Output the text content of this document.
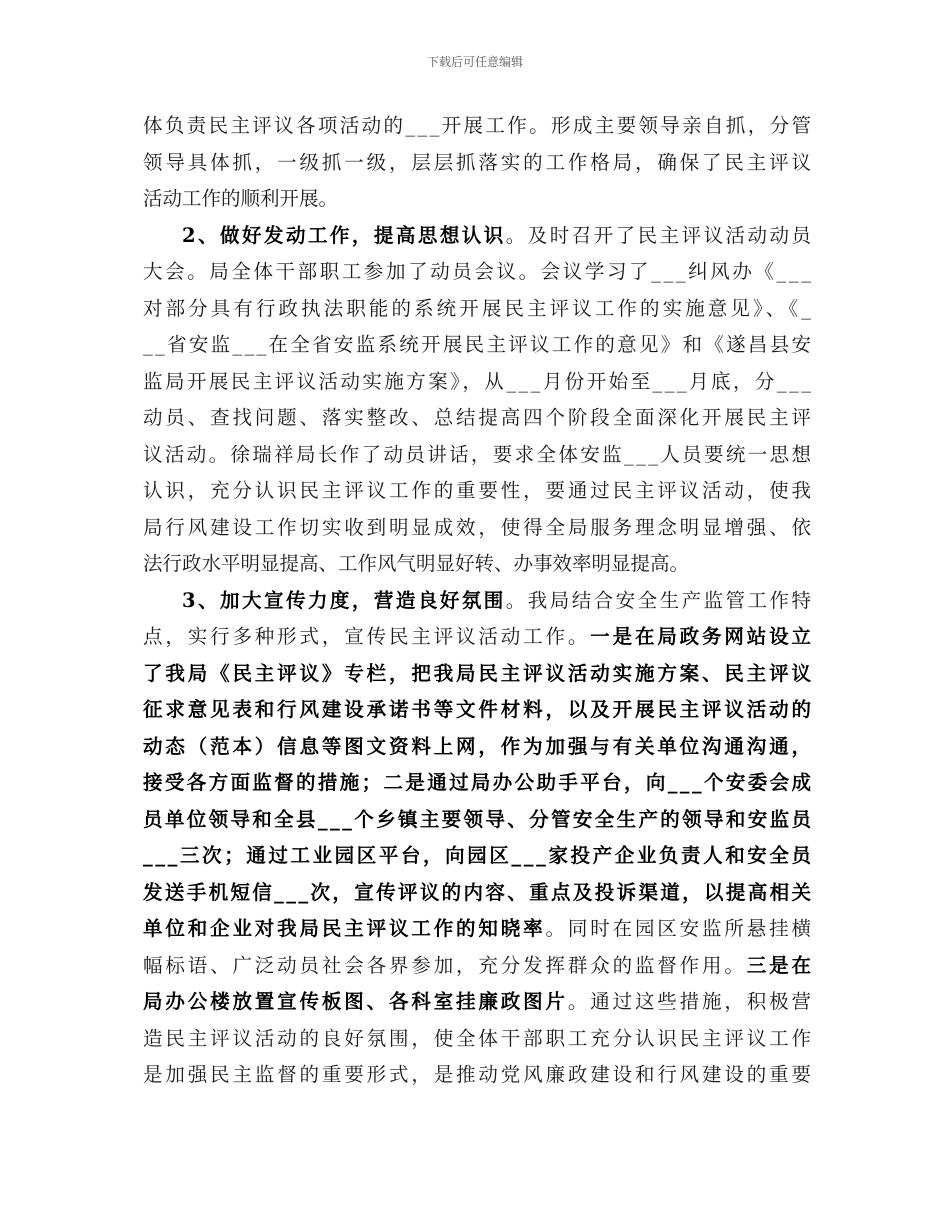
下载后可任意编辑
体负责民主评议各项活动的___开展工作。形成主要领导亲自抓，分管
领导具体抓，一级抓一级，层层抓落实的工作格局，确保了民主评议
活动工作的顺利开展。
2、做好发动工作，提高思想认识。及时召开了民主评议活动动员
大会。局全体干部职工参加了动员会议。会议学习了___纠风办《___
对部分具有行政执法职能的系统开展民主评议工作的实施意见》、《_
__省安监___在全省安监系统开展民主评议工作的意见》和《遂昌县安
监局开展民主评议活动实施方案》，从___月份开始至___月底，分___
动员、查找问题、落实整改、总结提高四个阶段全面深化开展民主评
议活动。徐瑞祥局长作了动员讲话，要求全体安监___人员要统一思想
认识，充分认识民主评议工作的重要性，要通过民主评议活动，使我
局行风建设工作切实收到明显成效，使得全局服务理念明显增强、依
法行政水平明显提高、工作风气明显好转、办事效率明显提高。
3、加大宣传力度，营造良好氛围。我局结合安全生产监管工作特
点，实行多种形式，宣传民主评议活动工作。一是在局政务网站设立
了我局《民主评议》专栏，把我局民主评议活动实施方案、民主评议
征求意见表和行风建设承诺书等文件材料，以及开展民主评议活动的
动态（范本）信息等图文资料上网，作为加强与有关单位沟通沟通，
接受各方面监督的措施；二是通过局办公助手平台，向___个安委会成
员单位领导和全县___个乡镇主要领导、分管安全生产的领导和安监员
___三次；通过工业园区平台，向园区___家投产企业负责人和安全员
发送手机短信___次，宣传评议的内容、重点及投诉渠道，以提高相关
单位和企业对我局民主评议工作的知晓率。同时在园区安监所悬挂横
幅标语、广泛动员社会各界参加，充分发挥群众的监督作用。三是在
局办公楼放置宣传板图、各科室挂廉政图片。通过这些措施，积极营
造民主评议活动的良好氛围，使全体干部职工充分认识民主评议工作
是加强民主监督的重要形式，是推动党风廉政建设和行风建设的重要
